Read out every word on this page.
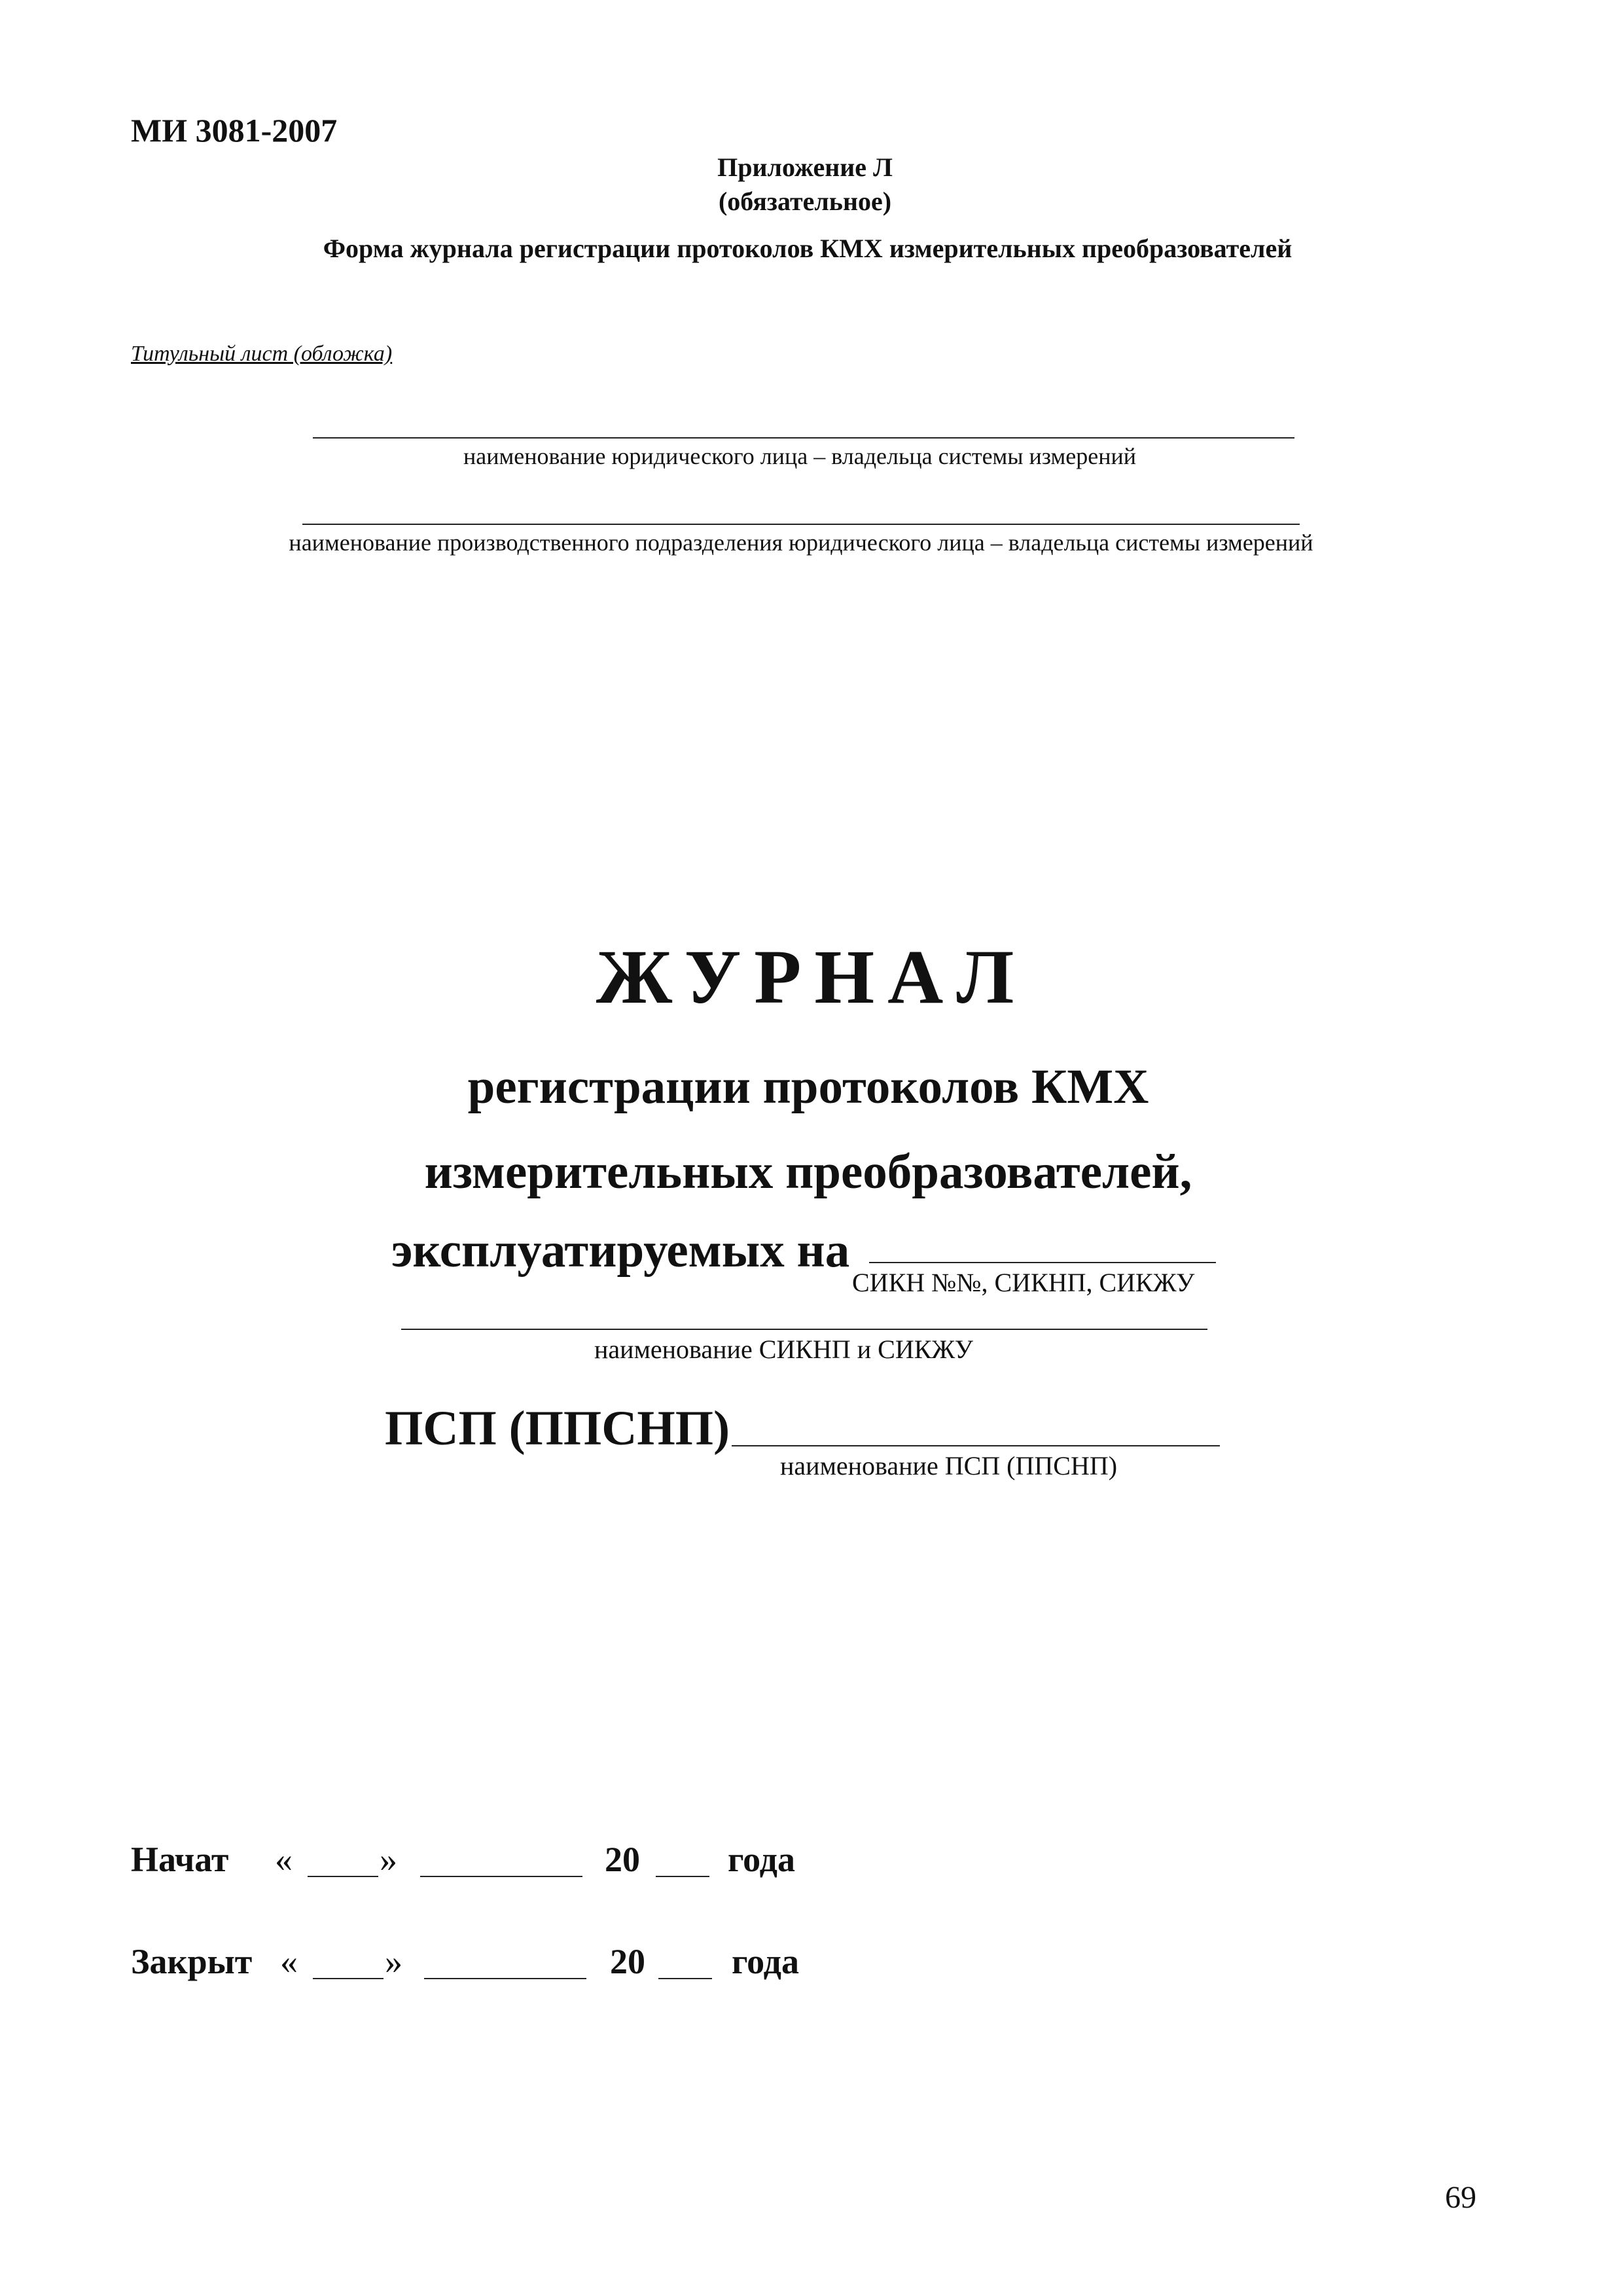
МИ 3081-2007
Приложение Л
(обязательное)
Форма журнала регистрации протоколов КМХ измерительных преобразователей
Титульный лист (обложка)
наименование юридического лица – владельца системы измерений
наименование производственного подразделения юридического лица – владельца системы измерений
ЖУРНАЛ
регистрации протоколов КМХ
измерительных преобразователей,
эксплуатируемых на
СИКН №№, СИКНП, СИКЖУ
наименование СИКНП и СИКЖУ
ПСП (ППСНП)
наименование ПСП (ППСНП)
Начат « »	20 года
Закрыт « »	20 года
69
